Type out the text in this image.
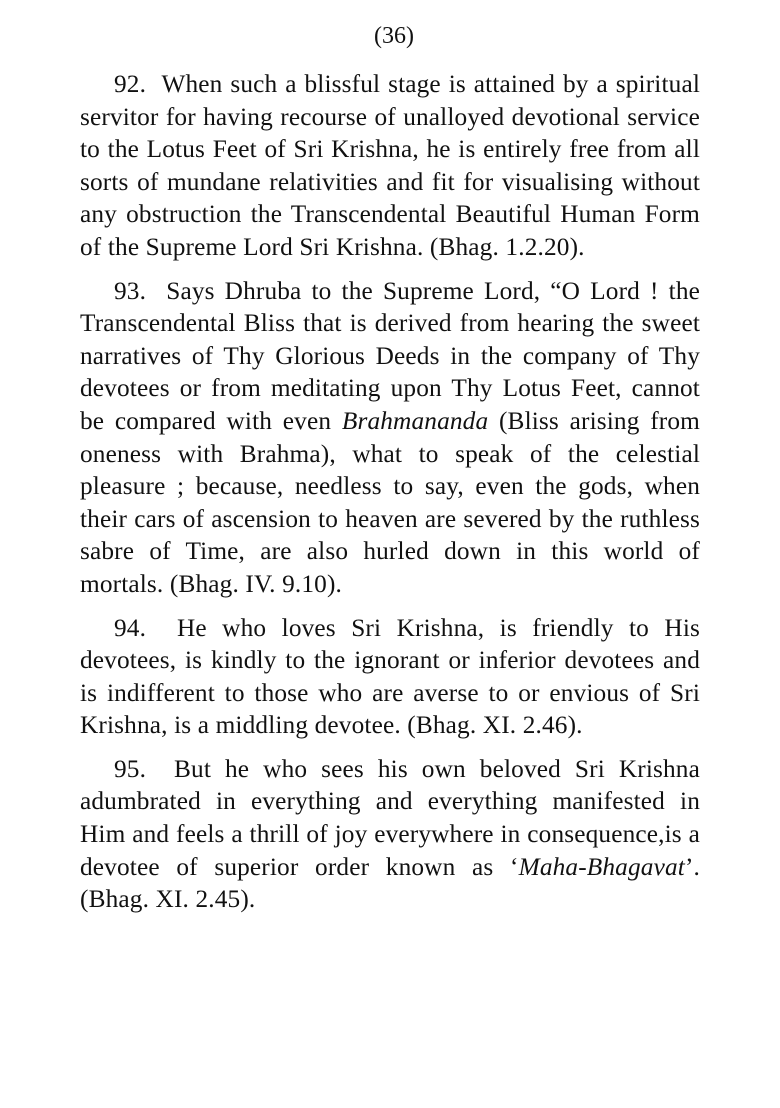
(36)

92. When such a blissful stage is attained by a spiritual servitor for having recourse of unalloyed devotional service to the Lotus Feet of Sri Krishna, he is entirely free from all sorts of mundane relativities and fit for visualising without any obstruction the Transcendental Beautiful Human Form of the Supreme Lord Sri Krishna. (Bhag. 1.2.20).

93. Says Dhruba to the Supreme Lord, “O Lord ! the Transcendental Bliss that is derived from hearing the sweet narratives of Thy Glorious Deeds in the company of Thy devotees or from meditating upon Thy Lotus Feet, cannot be compared with even Brahmananda (Bliss arising from oneness with Brahma), what to speak of the celestial pleasure ; because, needless to say, even the gods, when their cars of ascension to heaven are severed by the ruthless sabre of Time, are also hurled down in this world of mortals. (Bhag. IV. 9.10).

94. He who loves Sri Krishna, is friendly to His devotees, is kindly to the ignorant or inferior devotees and is indifferent to those who are averse to or envious of Sri Krishna, is a middling devotee. (Bhag. XI. 2.46).

95. But he who sees his own beloved Sri Krishna adumbrated in everything and everything manifested in Him and feels a thrill of joy everywhere in consequence,is a devotee of superior order known as ‘Maha-Bhagavat’. (Bhag. XI. 2.45).
